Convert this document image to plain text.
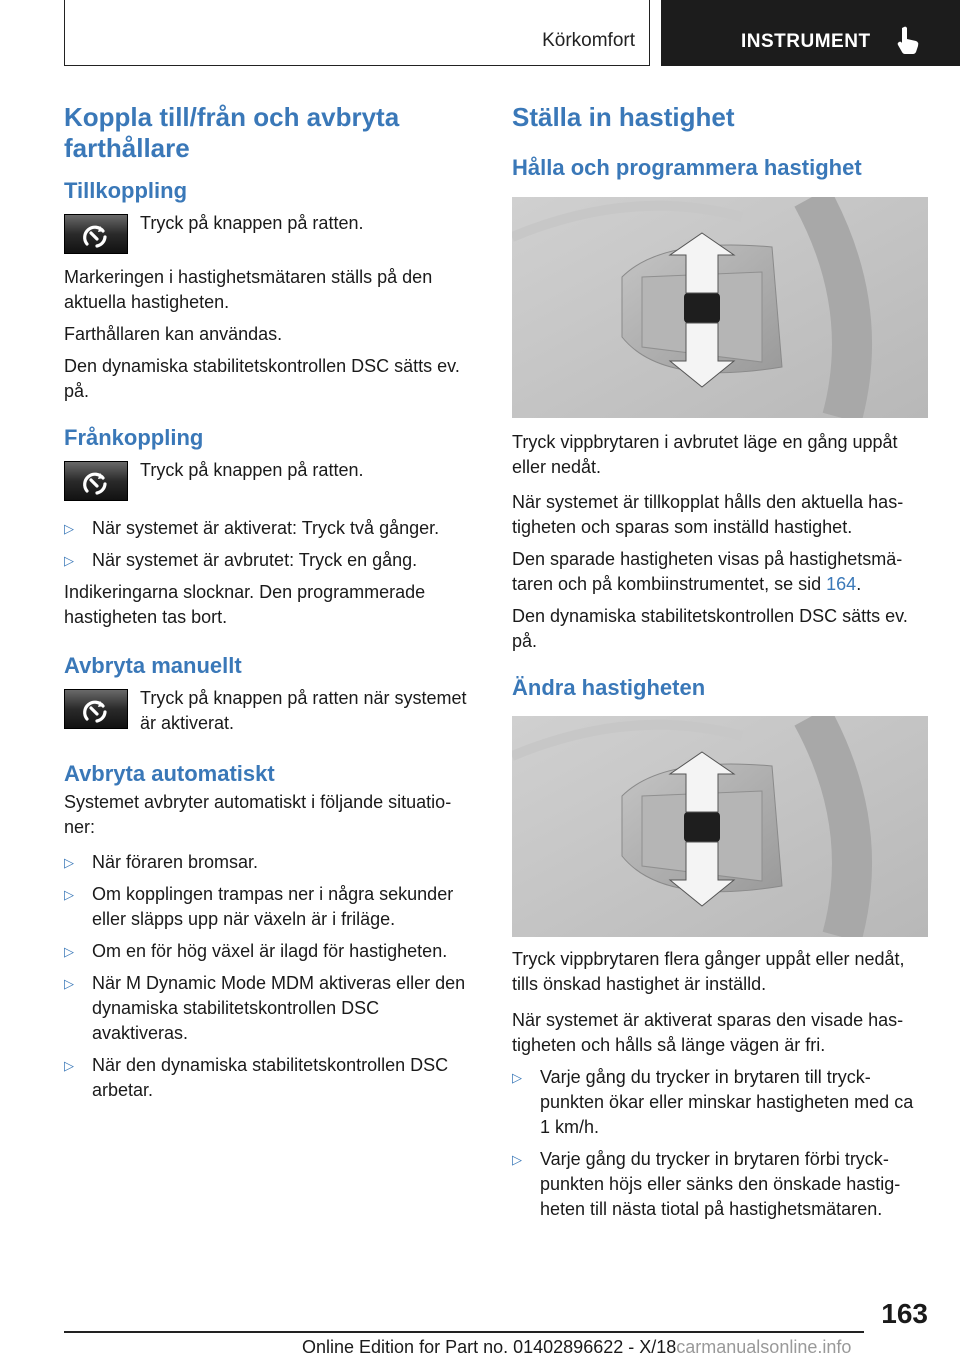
Körkomfort	INSTRUMENT
Koppla till/från och avbryta farthållare
Tillkoppling

Tryck på knappen på ratten.

Markeringen i hastighetsmätaren ställs på den aktuella hastigheten.

Farthållaren kan användas.

Den dynamiska stabilitetskontrollen DSC sätts ev. på.

Frånkoppling

Tryck på knappen på ratten.

▷ När systemet är aktiverat: Tryck två gånger.

▷ När systemet är avbrutet: Tryck en gång.

Indikeringarna slocknar. Den programmerade hastigheten tas bort.

Avbryta manuellt

Tryck på knappen på ratten när systemet är aktiverat.

Avbryta automatiskt

Systemet avbryter automatiskt i följande situationer:

▷ När föraren bromsar.

▷ Om kopplingen trampas ner i några sekunder eller släpps upp när växeln är i friläge.

▷ Om en för hög växel är ilagd för hastigheten.

▷ När M Dynamic Mode MDM aktiveras eller den dynamiska stabilitetskontrollen DSC avaktiveras.

▷ När den dynamiska stabilitetskontrollen DSC arbetar.

Ställa in hastighet
Hålla och programmera hastighet

Tryck vippbrytaren i avbrutet läge en gång uppåt eller nedåt.

När systemet är tillkopplat hålls den aktuella hastigheten och sparas som inställd hastighet.

Den sparade hastigheten visas på hastighetsmätaren och på kombiinstrumentet, se sid 164.

Den dynamiska stabilitetskontrollen DSC sätts ev. på.

Ändra hastigheten

Tryck vippbrytaren flera gånger uppåt eller nedåt, tills önskad hastighet är inställd.

När systemet är aktiverat sparas den visade hastigheten och hålls så länge vägen är fri.

▷ Varje gång du trycker in brytaren till tryckpunkten ökar eller minskar hastigheten med ca 1 km/h.

▷ Varje gång du trycker in brytaren förbi tryckpunkten höjs eller sänks den önskade hastigheten till nästa tiotal på hastighetsmätaren.

163
Online Edition for Part no. 01402896622 - X/18carmanualsonline.info
